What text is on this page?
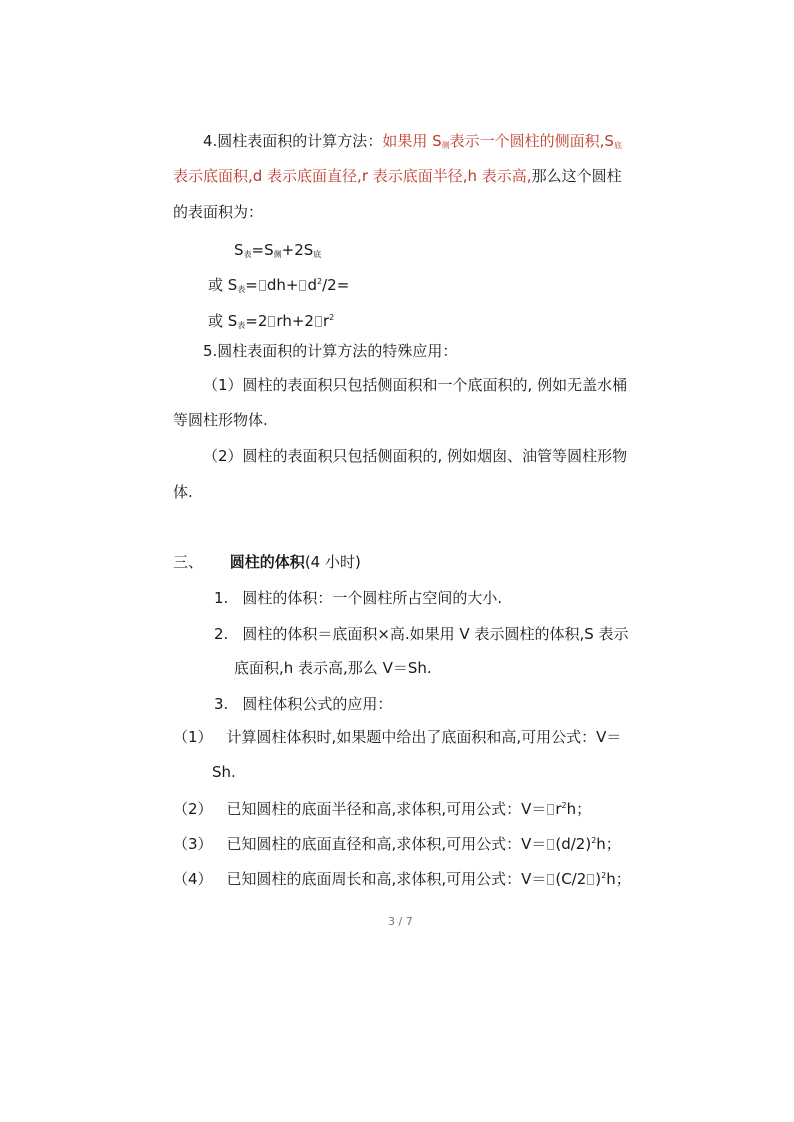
4.圆柱表面积的计算方法：如果用 $S_侧$表示一个圆柱的侧面积$,S_底$
表示底面积,d 表示底面直径,r 表示底面半径,h 表示高,那么这个圆柱
的表面积为：
$S_表=S_侧+2S_底$
或 $S_表= dh+ d^2/2=$
或 $S_表=2$ rh+2 $r^2$
5.圆柱表面积的计算方法的特殊应用：
（1）圆柱的表面积只包括侧面积和一个底面积的, 例如无盖水桶
等圆柱形物体.
（2）圆柱的表面积只包括侧面积的, 例如烟囱、油管等圆柱形物
体.
三、 圆柱的体积(4 小时)
1. 圆柱的体积：一个圆柱所占空间的大小.
2. 圆柱的体积＝底面积×高.如果用 V 表示圆柱的体积,S 表示
底面积,h 表示高,那么 V＝Sh.
3. 圆柱体积公式的应用：
（1） 计算圆柱体积时,如果题中给出了底面积和高,可用公式：V＝
Sh.
（2） 已知圆柱的底面半径和高,求体积,可用公式：$V= r^2h$；
（3） 已知圆柱的底面直径和高,求体积,可用公式：$V= (d/2)^2h$；
（4） 已知圆柱的底面周长和高,求体积,可用公式：V＝ (C/2 )$^2$h；
3 / 7
